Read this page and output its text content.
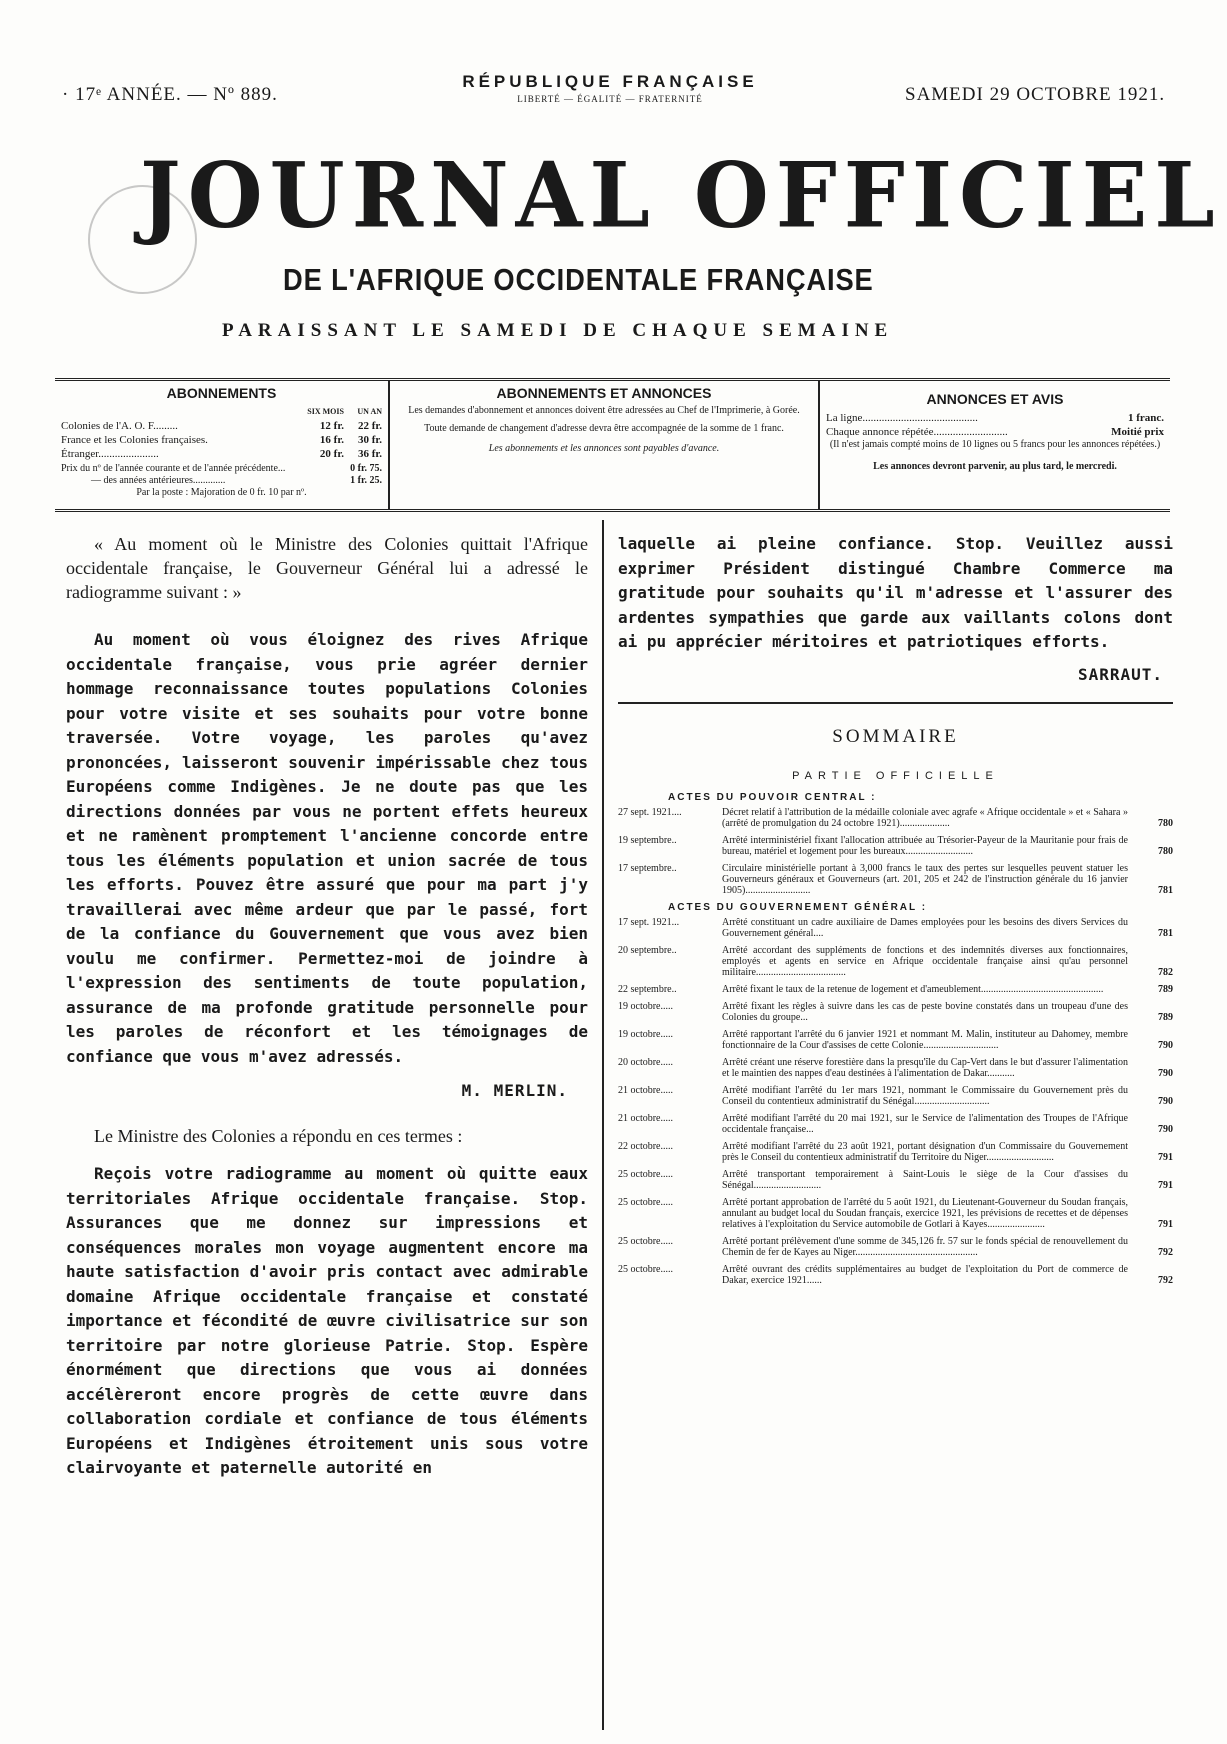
· 17ᵉ ANNÉE. — Nº 889.
RÉPUBLIQUE FRANÇAISE
LIBERTÉ — ÉGALITÉ — FRATERNITÉ	SAMEDI 29 OCTOBRE 1921.
JOURNAL OFFICIEL
DE L'AFRIQUE OCCIDENTALE FRANÇAISE
PARAISSANT LE SAMEDI DE CHAQUE SEMAINE
ABONNEMENTS
	SIX MOIS	UN AN
Colonies de l'A. O. F.........	12 fr.	22 fr.
France et les Colonies françaises.	16 fr.	30 fr.
Étranger......................	20 fr.	36 fr.
Prix du nº de l'année courante et de l'année précédente...	0 fr. 75.
— des années antérieures.............	1 fr. 25.
Par la poste : Majoration de 0 fr. 10 par nº.
ABONNEMENTS ET ANNONCES
Les demandes d'abonnement et annonces doivent être adressées au Chef de l'Imprimerie, à Gorée.
Toute demande de changement d'adresse devra être accompagnée de la somme de 1 franc.
Les abonnements et les annonces sont payables d'avance.
ANNONCES ET AVIS
La ligne..........................................	1 franc.
Chaque annonce répétée...........................	Moitié prix
(Il n'est jamais compté moins de 10 lignes ou 5 francs pour les annonces répétées.)
Les annonces devront parvenir, au plus tard, le mercredi.

« Au moment où le Ministre des Colonies quittait l'Afrique occidentale française, le Gouverneur Général lui a adressé le radiogramme suivant : »

Au moment où vous éloignez des rives Afrique occidentale française, vous prie agréer dernier hommage reconnaissance toutes populations Colonies pour votre visite et ses souhaits pour votre bonne traversée. Votre voyage, les paroles qu'avez prononcées, laisseront souvenir impérissable chez tous Européens comme Indigènes. Je ne doute pas que les directions données par vous ne portent effets heureux et ne ramènent promptement l'ancienne concorde entre tous les éléments population et union sacrée de tous les efforts. Pouvez être assuré que pour ma part j'y travaillerai avec même ardeur que par le passé, fort de la confiance du Gouvernement que vous avez bien voulu me confirmer. Permettez-moi de joindre à l'expression des sentiments de toute population, assurance de ma profonde gratitude personnelle pour les paroles de réconfort et les témoignages de confiance que vous m'avez adressés.

M. MERLIN.

Le Ministre des Colonies a répondu en ces termes :

Reçois votre radiogramme au moment où quitte eaux territoriales Afrique occidentale française. Stop. Assurances que me donnez sur impressions et conséquences morales mon voyage augmentent encore ma haute satisfaction d'avoir pris contact avec admirable domaine Afrique occidentale française et constaté importance et fécondité de œuvre civilisatrice sur son territoire par notre glorieuse Patrie. Stop. Espère énormément que directions que vous ai données accélèreront encore progrès de cette œuvre dans collaboration cordiale et confiance de tous éléments Européens et Indigènes étroitement unis sous votre clairvoyante et paternelle autorité en

laquelle ai pleine confiance. Stop. Veuillez aussi exprimer Président distingué Chambre Commerce ma gratitude pour souhaits qu'il m'adresse et l'assurer des ardentes sympathies que garde aux vaillants colons dont ai pu apprécier méritoires et patriotiques efforts.

SARRAUT.
SOMMAIRE
PARTIE OFFICIELLE
ACTES DU POUVOIR CENTRAL :
27 sept. 1921....	Décret relatif à l'attribution de la médaille coloniale avec agrafe « Afrique occidentale » et « Sahara » (arrêté de promulgation du 24 octobre 1921)....................	780
19 septembre..	Arrêté interministériel fixant l'allocation attribuée au Trésorier-Payeur de la Mauritanie pour frais de bureau, matériel et logement pour les bureaux...........................	780
17 septembre..	Circulaire ministérielle portant à 3,000 francs le taux des pertes sur lesquelles peuvent statuer les Gouverneurs généraux et Gouverneurs (art. 201, 205 et 242 de l'instruction générale du 16 janvier 1905)..........................	781
ACTES DU GOUVERNEMENT GÉNÉRAL :
17 sept. 1921...	Arrêté constituant un cadre auxiliaire de Dames employées pour les besoins des divers Services du Gouvernement général....	781
20 septembre..	Arrêté accordant des suppléments de fonctions et des indemnités diverses aux fonctionnaires, employés et agents en service en Afrique occidentale française ainsi qu'au personnel militaire....................................	782
22 septembre..	Arrêté fixant le taux de la retenue de logement et d'ameublement.................................................	789
19 octobre.....	Arrêté fixant les règles à suivre dans les cas de peste bovine constatés dans un troupeau d'une des Colonies du groupe...	789
19 octobre.....	Arrêté rapportant l'arrêté du 6 janvier 1921 et nommant M. Malin, instituteur au Dahomey, membre fonctionnaire de la Cour d'assises de cette Colonie..............................	790
20 octobre.....	Arrêté créant une réserve forestière dans la presqu'île du Cap-Vert dans le but d'assurer l'alimentation et le maintien des nappes d'eau destinées à l'alimentation de Dakar...........	790
21 octobre.....	Arrêté modifiant l'arrêté du 1er mars 1921, nommant le Commissaire du Gouvernement près du Conseil du contentieux administratif du Sénégal..............................	790
21 octobre.....	Arrêté modifiant l'arrêté du 20 mai 1921, sur le Service de l'alimentation des Troupes de l'Afrique occidentale française...	790
22 octobre.....	Arrêté modifiant l'arrêté du 23 août 1921, portant désignation d'un Commissaire du Gouvernement près le Conseil du contentieux administratif du Territoire du Niger...........................	791
25 octobre.....	Arrêté transportant temporairement à Saint-Louis le siège de la Cour d'assises du Sénégal...........................	791
25 octobre.....	Arrêté portant approbation de l'arrêté du 5 août 1921, du Lieutenant-Gouverneur du Soudan français, annulant au budget local du Soudan français, exercice 1921, les prévisions de recettes et de dépenses relatives à l'exploitation du Service automobile de Gotlari à Kayes.......................	791
25 octobre.....	Arrêté portant prélèvement d'une somme de 345,126 fr. 57 sur le fonds spécial de renouvellement du Chemin de fer de Kayes au Niger.................................................	792
25 octobre.....	Arrêté ouvrant des crédits supplémentaires au budget de l'exploitation du Port de commerce de Dakar, exercice 1921......	792
